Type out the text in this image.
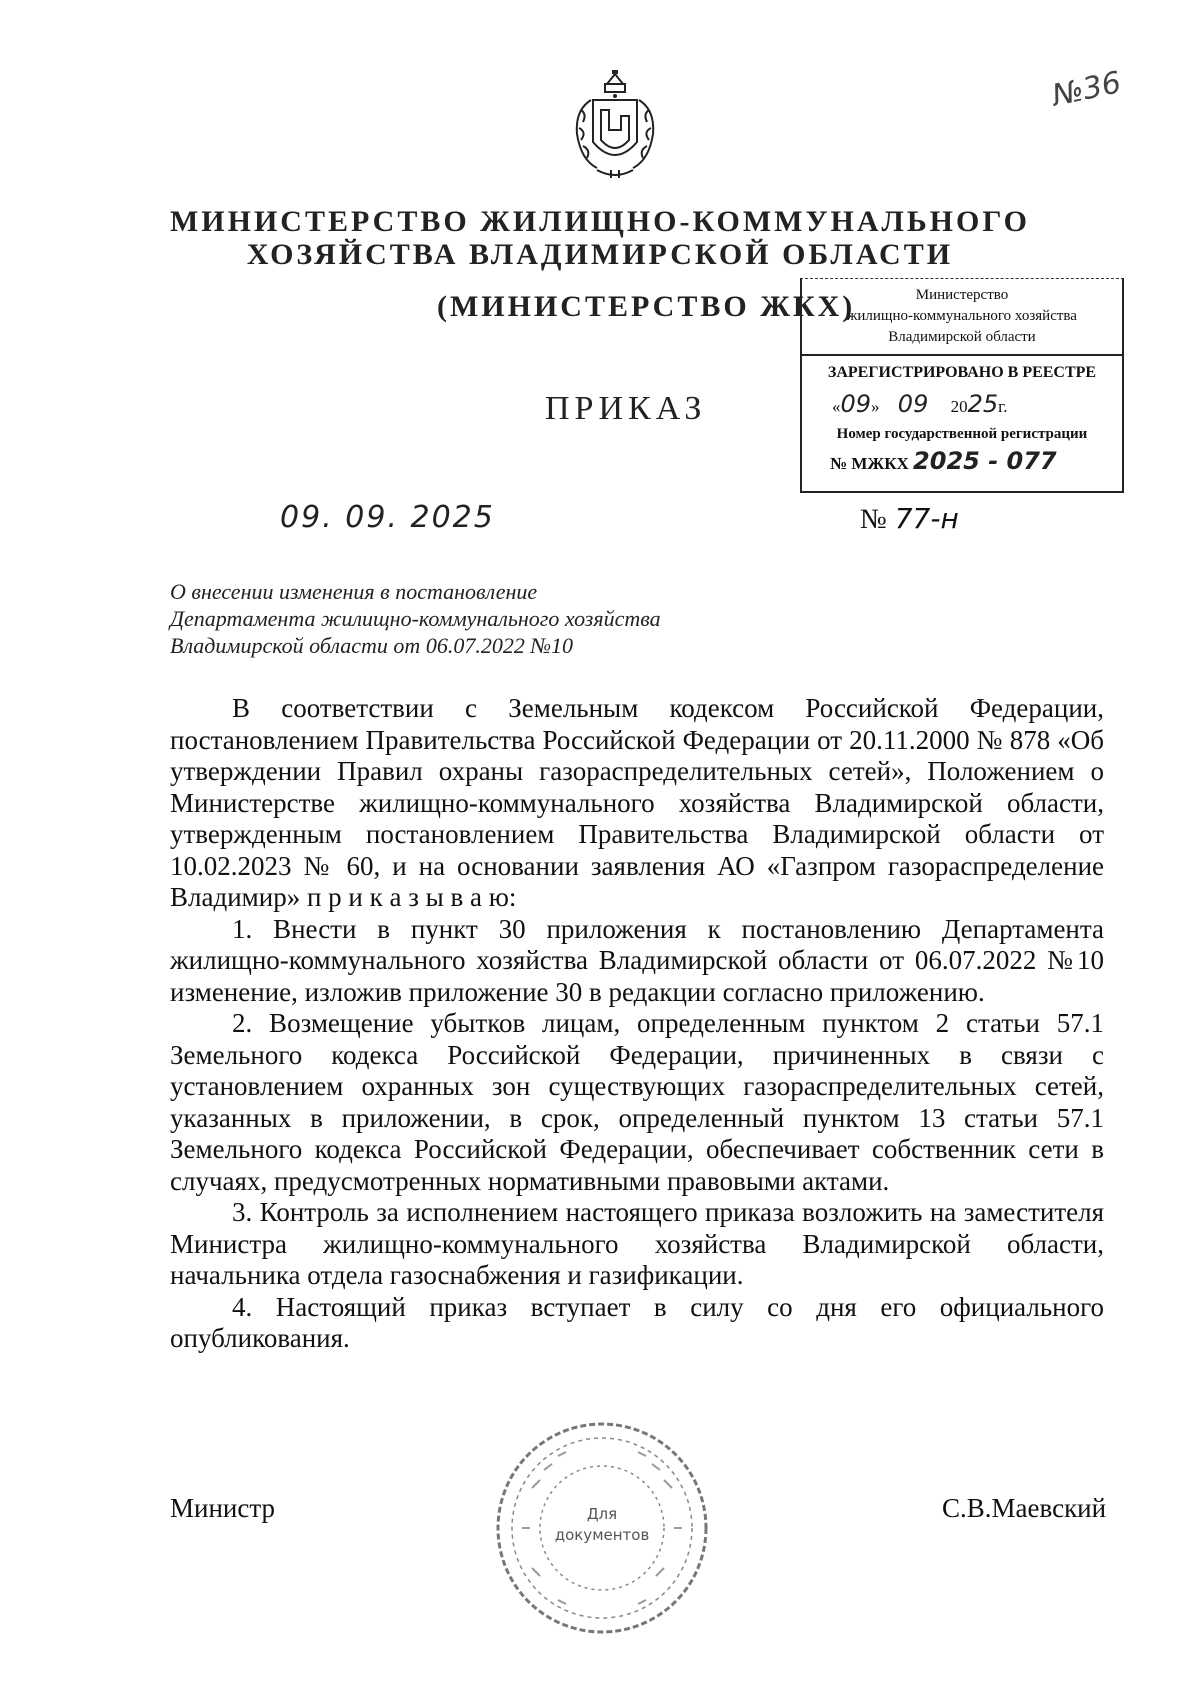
№36
МИНИСТЕРСТВО ЖИЛИЩНО-КОММУНАЛЬНОГО
ХОЗЯЙСТВА ВЛАДИМИРСКОЙ ОБЛАСТИ
(МИНИСТЕРСТВО ЖКХ)
ПРИКАЗ
Министерство
жилищно-коммунального хозяйства
Владимирской области
ЗАРЕГИСТРИРОВАНО В РЕЕСТРЕ
«09» 09 2025г.
Номер государственной регистрации
№ МЖКХ 2025 - 077
09. 09. 2025	№ 77-н
О внесении изменения в постановление
Департамента жилищно-коммунального хозяйства
Владимирской области от 06.07.2022 №10

В соответствии с Земельным кодексом Российской Федерации, постановлением Правительства Российской Федерации от 20.11.2000 № 878 «Об утверждении Правил охраны газораспределительных сетей», Положением о Министерстве жилищно-коммунального хозяйства Владимирской области, утвержденным постановлением Правительства Владимирской области от 10.02.2023 № 60, и на основании заявления АО «Газпром газораспределение Владимир» п р и к а з ы в а ю:

1. Внести в пункт 30 приложения к постановлению Департамента жилищно-коммунального хозяйства Владимирской области от 06.07.2022 №10 изменение, изложив приложение 30 в редакции согласно приложению.

2. Возмещение убытков лицам, определенным пунктом 2 статьи 57.1 Земельного кодекса Российской Федерации, причиненных в связи с установлением охранных зон существующих газораспределительных сетей, указанных в приложении, в срок, определенный пунктом 13 статьи 57.1 Земельного кодекса Российской Федерации, обеспечивает собственник сети в случаях, предусмотренных нормативными правовыми актами.

3. Контроль за исполнением настоящего приказа возложить на заместителя Министра жилищно-коммунального хозяйства Владимирской области, начальника отдела газоснабжения и газификации.

4. Настоящий приказ вступает в силу со дня его официального опубликования.

Министр	С.В.Маевский
Для
документов
